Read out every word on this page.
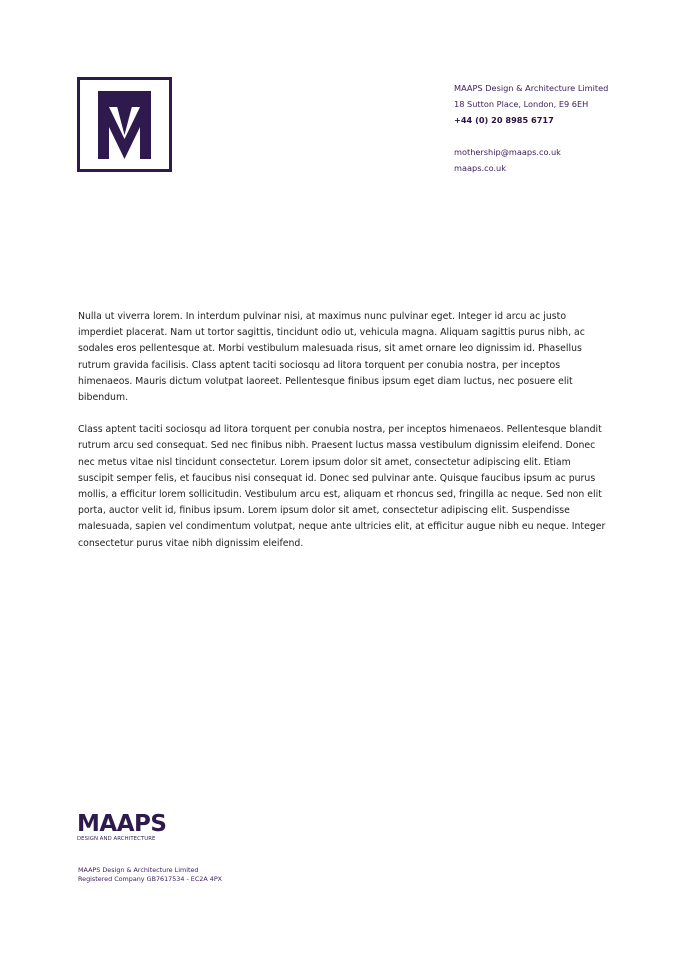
MAAPS Design & Architecture Limited
18 Sutton Place, London, E9 6EH
+44 (0) 20 8985 6717
mothership@maaps.co.uk
maaps.co.uk

Nulla ut viverra lorem. In interdum pulvinar nisi, at maximus nunc pulvinar eget. Integer id arcu ac justo imperdiet placerat. Nam ut tortor sagittis, tincidunt odio ut, vehicula magna. Aliquam sagittis purus nibh, ac sodales eros pellentesque at. Morbi vestibulum malesuada risus, sit amet ornare leo dignissim id. Phasellus rutrum gravida facilisis. Class aptent taciti sociosqu ad litora torquent per conubia nostra, per inceptos himenaeos. Mauris dictum volutpat laoreet. Pellentesque finibus ipsum eget diam luctus, nec posuere elit bibendum.

Class aptent taciti sociosqu ad litora torquent per conubia nostra, per inceptos himenaeos. Pellentesque blandit rutrum arcu sed consequat. Sed nec finibus nibh. Praesent luctus massa vestibulum dignissim eleifend. Donec nec metus vitae nisl tincidunt consectetur. Lorem ipsum dolor sit amet, consectetur adipiscing elit. Etiam suscipit semper felis, et faucibus nisi consequat id. Donec sed pulvinar ante. Quisque faucibus ipsum ac purus mollis, a efficitur lorem sollicitudin. Vestibulum arcu est, aliquam et rhoncus sed, fringilla ac neque. Sed non elit porta, auctor velit id, finibus ipsum. Lorem ipsum dolor sit amet, consectetur adipiscing elit. Suspendisse malesuada, sapien vel condimentum volutpat, neque ante ultricies elit, at efficitur augue nibh eu neque. Integer consectetur purus vitae nibh dignissim eleifend.

MAAPS
DESIGN AND ARCHITECTURE
MAAPS Design & Architecture Limited
Registered Company GB7617534 - EC2A 4PX
